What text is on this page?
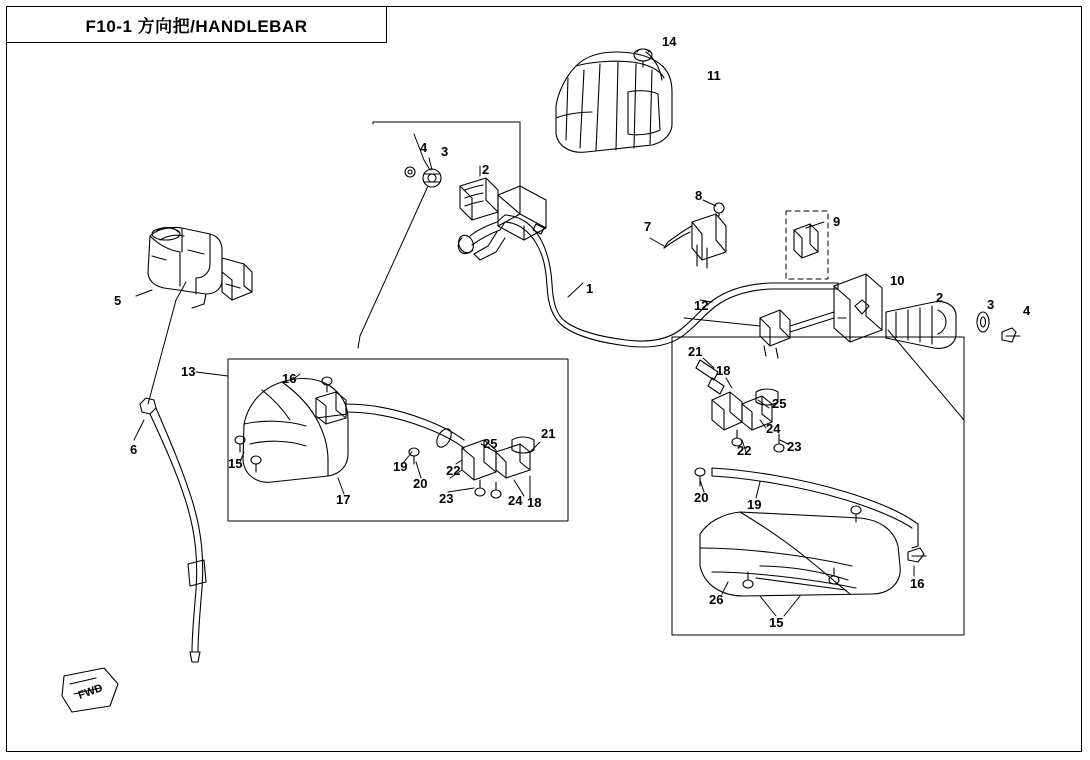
F10-1 方向把/HANDLEBAR
1
2
3
4
5
6
7
8
9
10
11
12
13
14
2	3 4
15
16
17	18
19
20
21
22
23	24
25
18
19
20
21
22	23
24
25
26
15
16
FWD
